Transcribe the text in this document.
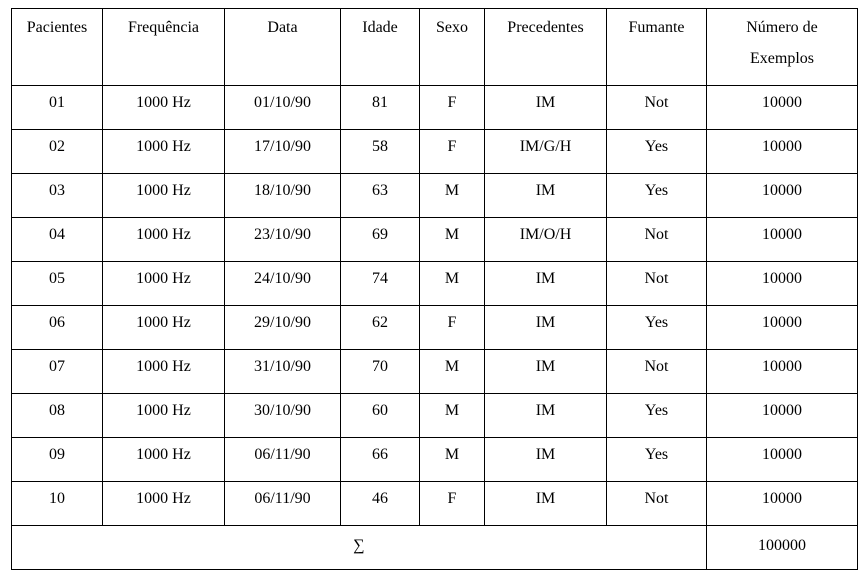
Pacientes	Frequência	Data	Idade	Sexo	Precedentes	Fumante	Número de
Exemplos
01	1000 Hz	01/10/90	81	F	IM	Not	10000
02	1000 Hz	17/10/90	58	F	IM/G/H	Yes	10000
03	1000 Hz	18/10/90	63	M	IM	Yes	10000
04	1000 Hz	23/10/90	69	M	IM/O/H	Not	10000
05	1000 Hz	24/10/90	74	M	IM	Not	10000
06	1000 Hz	29/10/90	62	F	IM	Yes	10000
07	1000 Hz	31/10/90	70	M	IM	Not	10000
08	1000 Hz	30/10/90	60	M	IM	Yes	10000
09	1000 Hz	06/11/90	66	M	IM	Yes	10000
10	1000 Hz	06/11/90	46	F	IM	Not	10000
∑							100000
